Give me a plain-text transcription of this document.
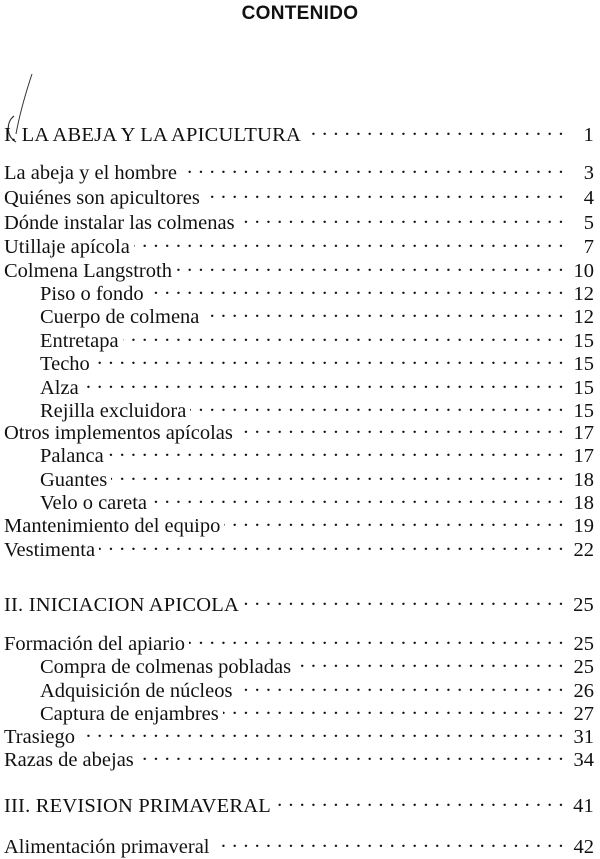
CONTENIDO
I. LA ABEJA Y LA APICULTURA . . .	1
La abeja y el hombre . . .	3
Quiénes son apicultores . . .	4
Dónde instalar las colmenas . . .	5
Utillaje apícola . . .	7
Colmena Langstroth . . .	10
Piso o fondo . . .	12
Cuerpo de colmena . . .	12
Entretapa . . .	15
Techo . . .	15
Alza . . .	15
Rejilla excluidora . . .	15
Otros implementos apícolas . . .	17
Palanca . . .	17
Guantes . . .	18
Velo o careta . . .	18
Mantenimiento del equipo . . .	19
Vestimenta . . .	22
II. INICIACION APICOLA . . .	25
Formación del apiario . . .	25
Compra de colmenas pobladas . . .	25
Adquisición de núcleos . . .	26
Captura de enjambres . . .	27
Trasiego . . .	31
Razas de abejas . . .	34
III. REVISION PRIMAVERAL . . .	41
Alimentación primaveral . . .	42
